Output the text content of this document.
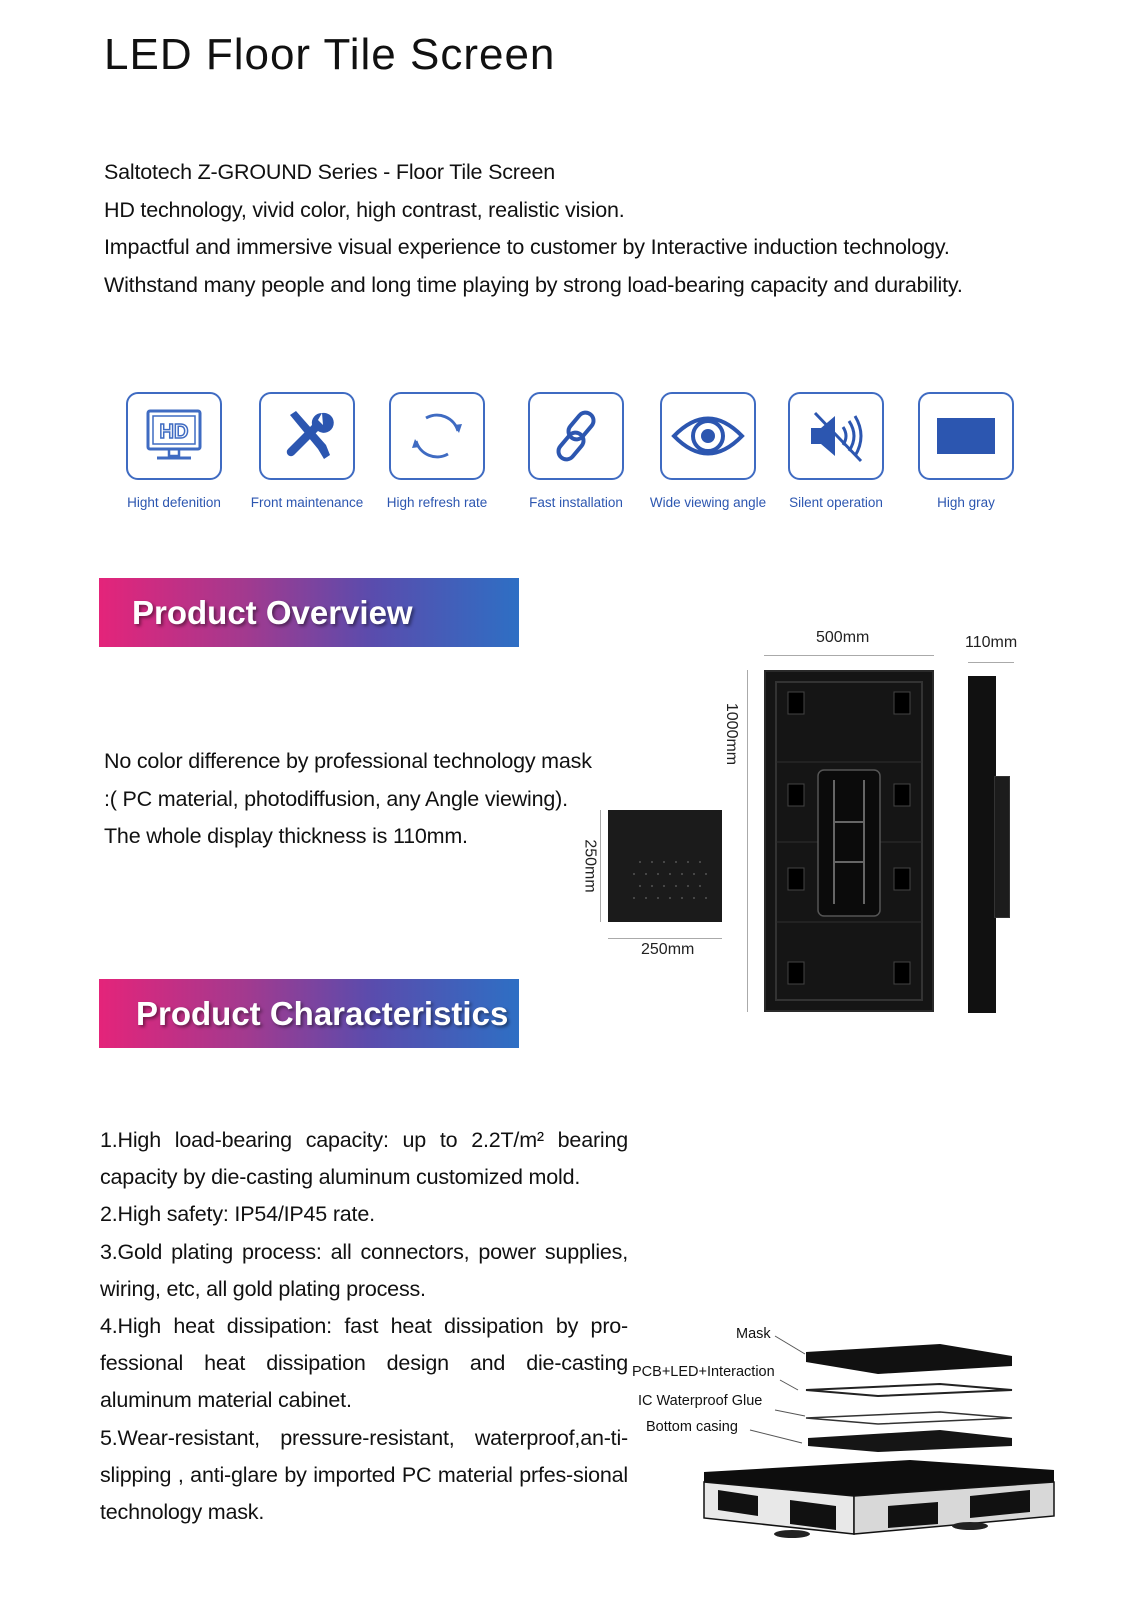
LED Floor Tile Screen

Saltotech Z-GROUND Series - Floor Tile Screen

HD technology, vivid color, high contrast, realistic vision.

Impactful and immersive visual experience to customer by Interactive induction technology.

Withstand many people and long time playing by strong load-bearing capacity and durability.

HD
Hight defenition	Front maintenance	High refresh rate	Fast installation	Wide viewing angle	Silent operation	High gray
Product Overview

No color difference by professional technology mask

:( PC material, photodiffusion, any Angle viewing).

The whole display thickness is 110mm.

250mm
250mm
500mm
1000mm
110mm
Product Characteristics

1.High load-bearing capacity: up to 2.2T/m² bearing capacity by die-casting aluminum customized mold.

2.High safety: IP54/IP45 rate.

3.Gold plating process: all connectors, power supplies, wiring, etc, all gold plating process.

4.High heat dissipation: fast heat dissipation by pro-fessional heat dissipation design and die-casting aluminum material cabinet.

5.Wear-resistant, pressure-resistant, waterproof,an-ti-slipping , anti-glare by imported PC material prfes-sional technology mask.

Mask
PCB+LED+Interaction
IC Waterproof Glue
Bottom casing
